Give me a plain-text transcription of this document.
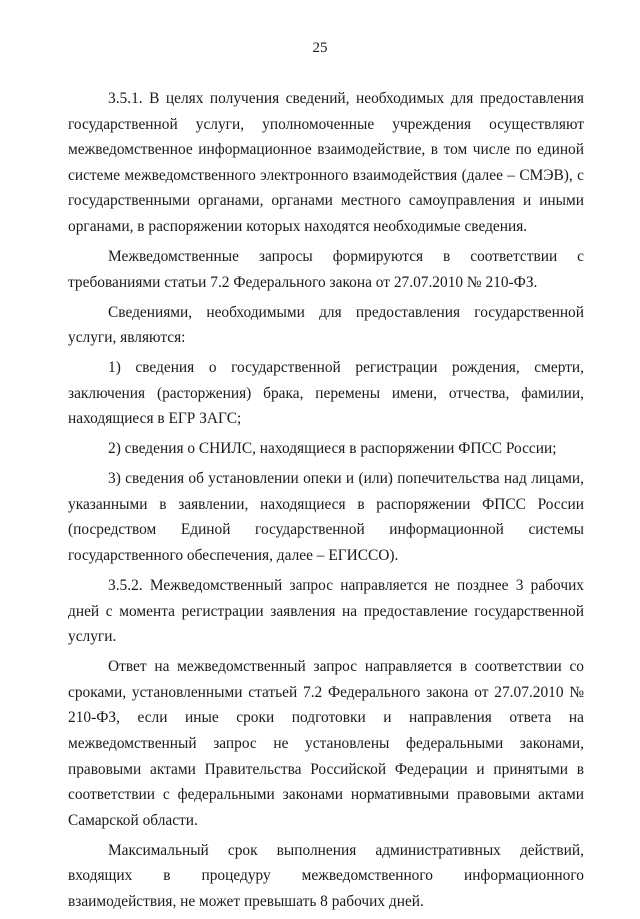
25

3.5.1. В целях получения сведений, необходимых для предоставления государственной услуги, уполномоченные учреждения осуществляют межведомственное информационное взаимодействие, в том числе по единой системе межведомственного электронного взаимодействия (далее – СМЭВ), с государственными органами, органами местного самоуправления и иными органами, в распоряжении которых находятся необходимые сведения.

Межведомственные запросы формируются в соответствии с требованиями статьи 7.2 Федерального закона от 27.07.2010 № 210-ФЗ.

Сведениями, необходимыми для предоставления государственной услуги, являются:

1) сведения о государственной регистрации рождения, смерти, заключения (расторжения) брака, перемены имени, отчества, фамилии, находящиеся в ЕГР ЗАГС;

2) сведения о СНИЛС, находящиеся в распоряжении ФПСС России;

3) сведения об установлении опеки и (или) попечительства над лицами, указанными в заявлении, находящиеся в распоряжении ФПСС России (посредством Единой государственной информационной системы государственного обеспечения, далее – ЕГИССО).

3.5.2. Межведомственный запрос направляется не позднее 3 рабочих дней с момента регистрации заявления на предоставление государственной услуги.

Ответ на межведомственный запрос направляется в соответствии со сроками, установленными статьей 7.2 Федерального закона от 27.07.2010 № 210-ФЗ, если иные сроки подготовки и направления ответа на межведомственный запрос не установлены федеральными законами, правовыми актами Правительства Российской Федерации и принятыми в соответствии с федеральными законами нормативными правовыми актами Самарской области.

Максимальный срок выполнения административных действий, входящих в процедуру межведомственного информационного взаимодействия, не может превышать 8 рабочих дней.
